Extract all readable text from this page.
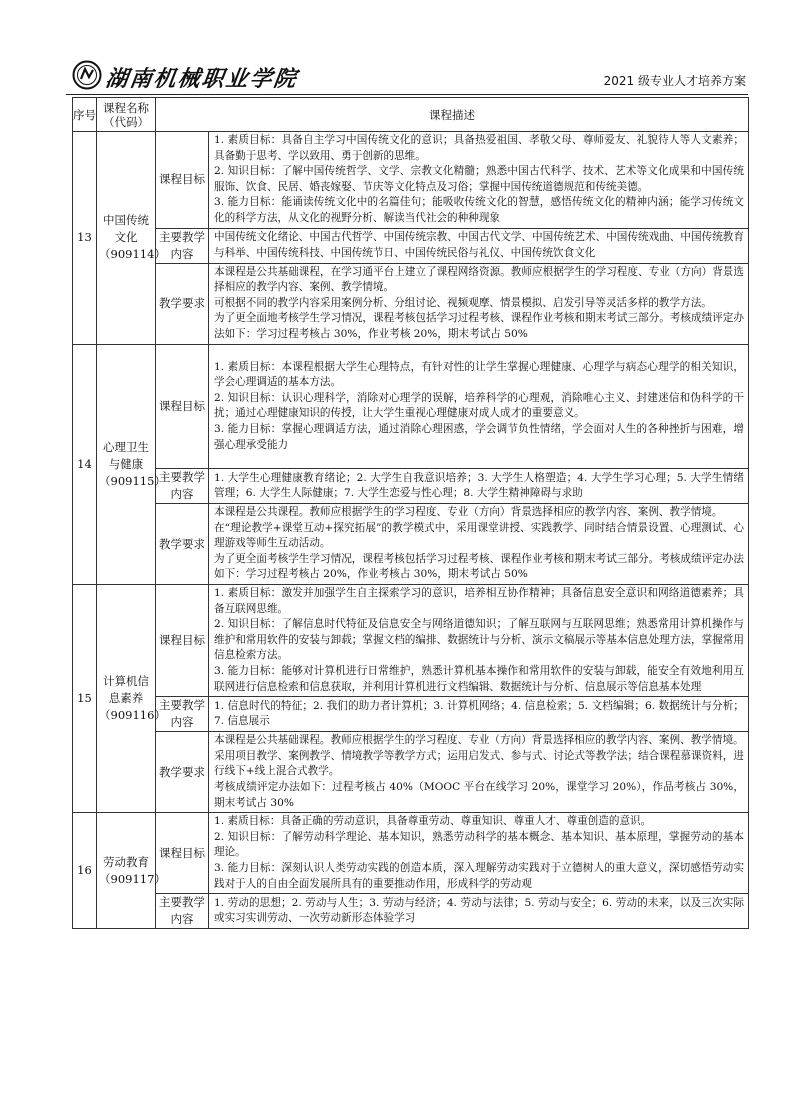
湖南机械职业学院	2021 级专业人才培养方案
序号	课程名称（代码）	课程描述	
13	中国传统文化（909114）	课程目标	1. 素质目标：具备自主学习中国传统文化的意识；具备热爱祖国、孝敬父母、尊师爱友、礼貌待人等人文素养；具备勤于思考、学以致用、勇于创新的思维。

2. 知识目标：了解中国传统哲学、文学、宗教文化精髓；熟悉中国古代科学、技术、艺术等文化成果和中国传统服饰、饮食、民居、婚丧嫁娶、节庆等文化特点及习俗；掌握中国传统道德规范和传统美德。

3. 能力目标：能诵读传统文化中的名篇佳句；能吸收传统文化的智慧，感悟传统文化的精神内涵；能学习传统文化的科学方法，从文化的视野分析、解读当代社会的种种现象

		主要教学内容	中国传统文化绪论、中国古代哲学、中国传统宗教、中国古代文学、中国传统艺术、中国传统戏曲、中国传统教育与科举、中国传统科技、中国传统节日、中国传统民俗与礼仪、中国传统饮食文化

		教学要求	本课程是公共基础课程，在学习通平台上建立了课程网络资源。教师应根据学生的学习程度、专业（方向）背景选择相应的教学内容、案例、教学情境。

可根据不同的教学内容采用案例分析、分组讨论、视频观摩、情景模拟、启发引导等灵活多样的教学方法。

为了更全面地考核学生学习情况，课程考核包括学习过程考核、课程作业考核和期末考试三部分。考核成绩评定办法如下：学习过程考核占 30%，作业考核 20%，期末考试占 50%

14	心理卫生与健康（909115）	课程目标	1. 素质目标：本课程根据大学生心理特点，有针对性的让学生掌握心理健康、心理学与病态心理学的相关知识，学会心理调适的基本方法。

2. 知识目标：认识心理科学，消除对心理学的误解，培养科学的心理观，消除唯心主义、封建迷信和伪科学的干扰；通过心理健康知识的传授，让大学生重视心理健康对成人成才的重要意义。

3. 能力目标：掌握心理调适方法，通过消除心理困惑，学会调节负性情绪，学会面对人生的各种挫折与困难，增强心理承受能力

		主要教学内容	1. 大学生心理健康教育绪论；2. 大学生自我意识培养；3. 大学生人格塑造；4. 大学生学习心理；5. 大学生情绪管理；6. 大学生人际健康；7. 大学生恋爱与性心理；8. 大学生精神障碍与求助

		教学要求	本课程是公共课程。教师应根据学生的学习程度、专业（方向）背景选择相应的教学内容、案例、教学情境。

在“理论教学+课堂互动+探究拓展”的教学模式中，采用课堂讲授、实践教学、同时结合情景设置、心理测试、心理游戏等师生互动活动。

为了更全面考核学生学习情况，课程考核包括学习过程考核、课程作业考核和期末考试三部分。考核成绩评定办法如下：学习过程考核占 20%，作业考核占 30%，期末考试占 50%

15	计算机信息素养（909116）	课程目标	1. 素质目标：激发并加强学生自主探索学习的意识，培养相互协作精神；具备信息安全意识和网络道德素养；具备互联网思维。

2. 知识目标：了解信息时代特征及信息安全与网络道德知识；了解互联网与互联网思维；熟悉常用计算机操作与维护和常用软件的安装与卸载；掌握文档的编排、数据统计与分析、演示文稿展示等基本信息处理方法，掌握常用信息检索方法。

3. 能力目标：能够对计算机进行日常维护，熟悉计算机基本操作和常用软件的安装与卸载，能安全有效地利用互联网进行信息检索和信息获取，并利用计算机进行文档编辑、数据统计与分析、信息展示等信息基本处理

		主要教学内容	1. 信息时代的特征；2. 我们的助力者计算机；3. 计算机网络；4. 信息检索；5. 文档编辑；6. 数据统计与分析；7. 信息展示

		教学要求	本课程是公共基础课程。教师应根据学生的学习程度、专业（方向）背景选择相应的教学内容、案例、教学情境。

采用项目教学、案例教学、情境教学等教学方式；运用启发式、参与式、讨论式等教学法；结合课程慕课资料，进行线下+线上混合式教学。

考核成绩评定办法如下：过程考核占 40%（MOOC 平台在线学习 20%，课堂学习 20%），作品考核占 30%，期末考试占 30%

16	劳动教育（909117）	课程目标	1. 素质目标：具备正确的劳动意识，具备尊重劳动、尊重知识、尊重人才、尊重创造的意识。

2. 知识目标：了解劳动科学理论、基本知识，熟悉劳动科学的基本概念、基本知识、基本原理，掌握劳动的基本理论。

3. 能力目标：深刻认识人类劳动实践的创造本质，深入理解劳动实践对于立德树人的重大意义，深切感悟劳动实践对于人的自由全面发展所具有的重要推动作用，形成科学的劳动观

		主要教学内容	1. 劳动的思想；2. 劳动与人生；3. 劳动与经济；4. 劳动与法律；5. 劳动与安全；6. 劳动的未来，以及三次实际或实习实训劳动、一次劳动新形态体验学习
